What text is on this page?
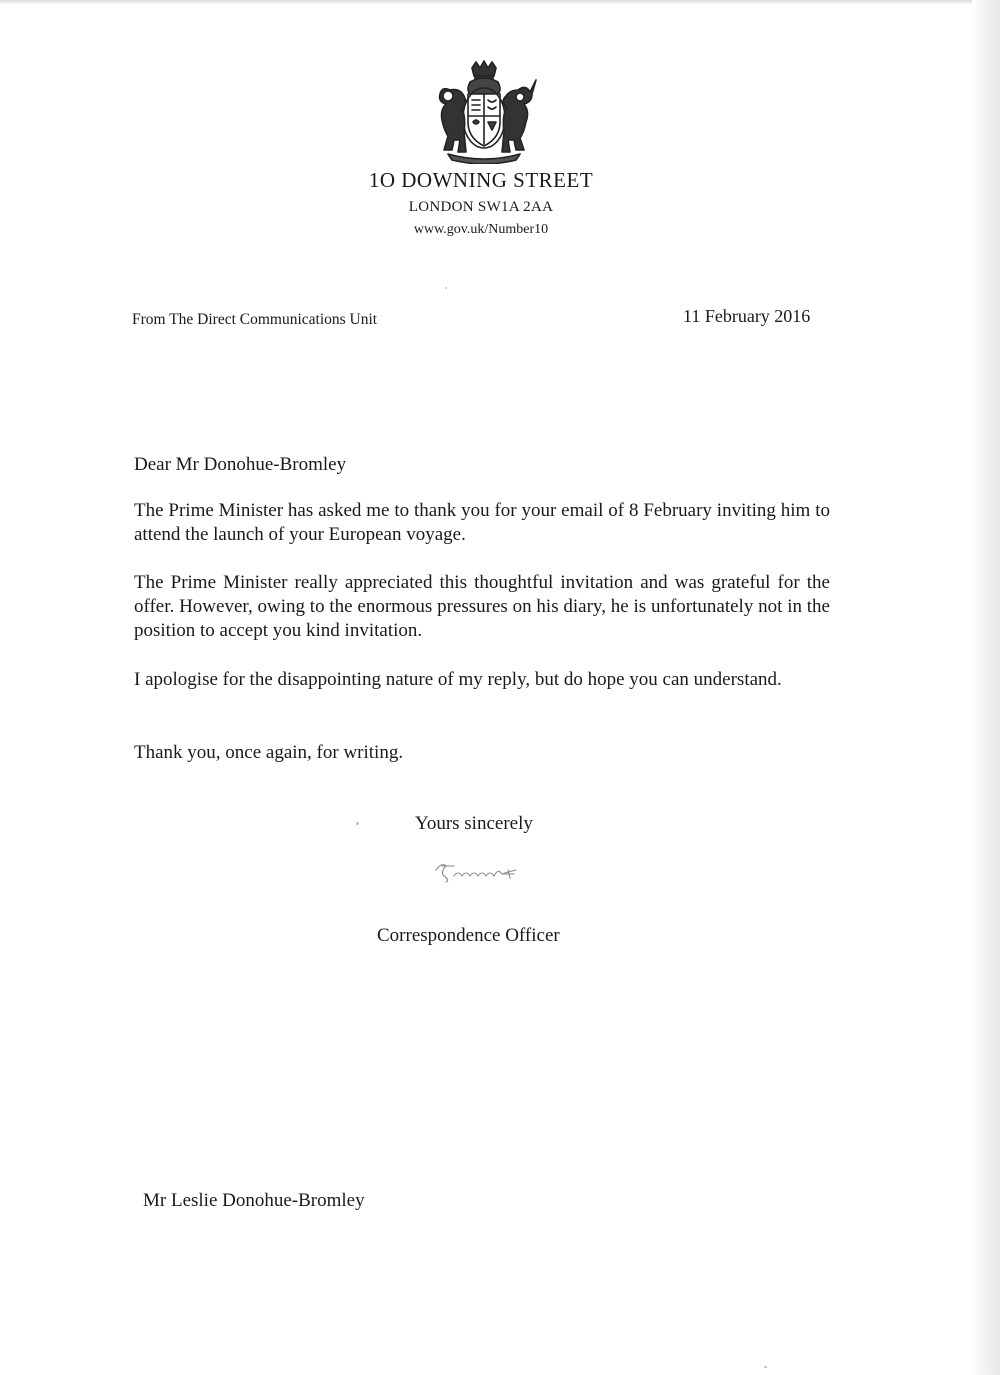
1O DOWNING STREET
LONDON SW1A 2AA
www.gov.uk/Number10
From The Direct Communications Unit	11 February 2016

Dear Mr Donohue-Bromley

The Prime Minister has asked me to thank you for your email of 8 February inviting him to attend the launch of your European voyage.

The Prime Minister really appreciated this thoughtful invitation and was grateful for the offer. However, owing to the enormous pressures on his diary, he is unfortunately not in the position to accept you kind invitation.

I apologise for the disappointing nature of my reply, but do hope you can understand.

Thank you, once again, for writing.

Yours sincerely
Correspondence Officer
Mr Leslie Donohue-Bromley
